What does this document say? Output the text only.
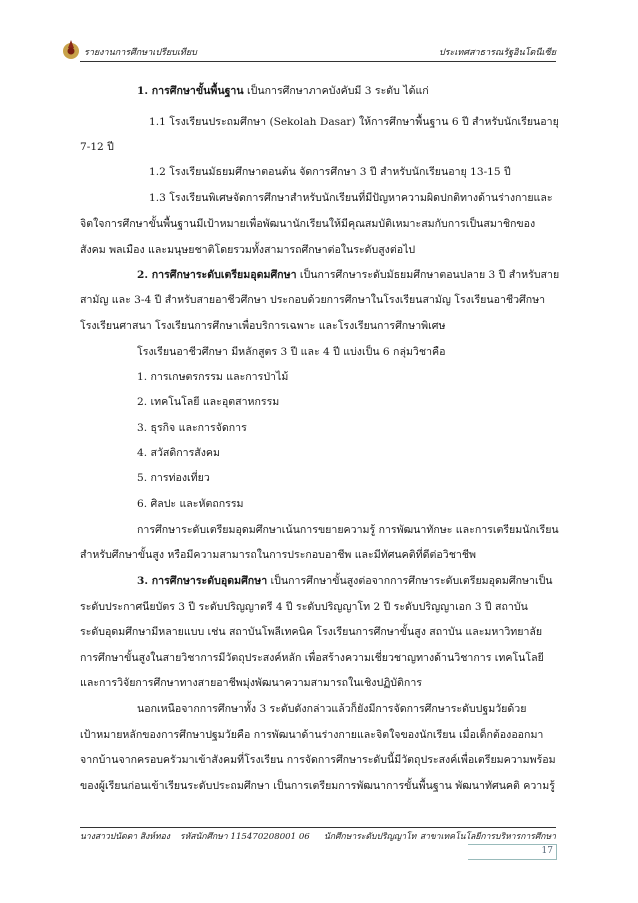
รายงานการศึกษาเปรียบเทียบ	ประเทศสาธารณรัฐอินโดนีเซีย
1. การศึกษาขั้นพื้นฐาน เป็นการศึกษาภาคบังคับมี 3 ระดับ ได้แก่
1.1 โรงเรียนประถมศึกษา (Sekolah Dasar) ให้การศึกษาพื้นฐาน 6 ปี สำหรับนักเรียนอายุ
7-12 ปี
1.2 โรงเรียนมัธยมศึกษาตอนต้น จัดการศึกษา 3 ปี สำหรับนักเรียนอายุ 13-15 ปี
1.3 โรงเรียนพิเศษจัดการศึกษาสำหรับนักเรียนที่มีปัญหาความผิดปกติทางด้านร่างกายและ
จิตใจการศึกษาขั้นพื้นฐานมีเป้าหมายเพื่อพัฒนานักเรียนให้มีคุณสมบัติเหมาะสมกับการเป็นสมาชิกของ
สังคม พลเมือง และมนุษยชาติโดยรวมทั้งสามารถศึกษาต่อในระดับสูงต่อไป
2. การศึกษาระดับเตรียมอุดมศึกษา เป็นการศึกษาระดับมัธยมศึกษาตอนปลาย 3 ปี สำหรับสาย
สามัญ และ 3-4 ปี สำหรับสายอาชีวศึกษา ประกอบด้วยการศึกษาในโรงเรียนสามัญ โรงเรียนอาชีวศึกษา
โรงเรียนศาสนา โรงเรียนการศึกษาเพื่อบริการเฉพาะ และโรงเรียนการศึกษาพิเศษ
โรงเรียนอาชีวศึกษา มีหลักสูตร 3 ปี และ 4 ปี แบ่งเป็น 6 กลุ่มวิชาคือ
1. การเกษตรกรรม และการป่าไม้
2. เทคโนโลยี และอุตสาหกรรม
3. ธุรกิจ และการจัดการ
4. สวัสดิการสังคม
5. การท่องเที่ยว
6. ศิลปะ และหัตถกรรม
การศึกษาระดับเตรียมอุดมศึกษาเน้นการขยายความรู้ การพัฒนาทักษะ และการเตรียมนักเรียน
สำหรับศึกษาขั้นสูง หรือมีความสามารถในการประกอบอาชีพ และมีทัศนคติที่ดีต่อวิชาชีพ
3. การศึกษาระดับอุดมศึกษา เป็นการศึกษาขั้นสูงต่อจากการศึกษาระดับเตรียมอุดมศึกษาเป็น
ระดับประกาศนียบัตร 3 ปี ระดับปริญญาตรี 4 ปี ระดับปริญญาโท 2 ปี ระดับปริญญาเอก 3 ปี สถาบัน
ระดับอุดมศึกษามีหลายแบบ เช่น สถาบันโพลีเทคนิค โรงเรียนการศึกษาขั้นสูง สถาบัน และมหาวิทยาลัย
การศึกษาขั้นสูงในสายวิชาการมีวัตถุประสงค์หลัก เพื่อสร้างความเชี่ยวชาญทางด้านวิชาการ เทคโนโลยี
และการวิจัยการศึกษาทางสายอาชีพมุ่งพัฒนาความสามารถในเชิงปฏิบัติการ
นอกเหนือจากการศึกษาทั้ง 3 ระดับดังกล่าวแล้วก็ยังมีการจัดการศึกษาระดับปฐมวัยด้วย
เป้าหมายหลักของการศึกษาปฐมวัยคือ การพัฒนาด้านร่างกายและจิตใจของนักเรียน เมื่อเด็กต้องออกมา
จากบ้านจากครอบครัวมาเข้าสังคมที่โรงเรียน การจัดการศึกษาระดับนี้มีวัตถุประสงค์เพื่อเตรียมความพร้อม
ของผู้เรียนก่อนเข้าเรียนระดับประถมศึกษา เป็นการเตรียมการพัฒนาการขั้นพื้นฐาน พัฒนาทัศนคติ ความรู้
นางสาวปนัดดา สิงห์ทอง รหัสนักศึกษา 115470208001 06 นักศึกษาระดับปริญญาโท สาขาเทคโนโลยีการบริหารการศึกษา
17
